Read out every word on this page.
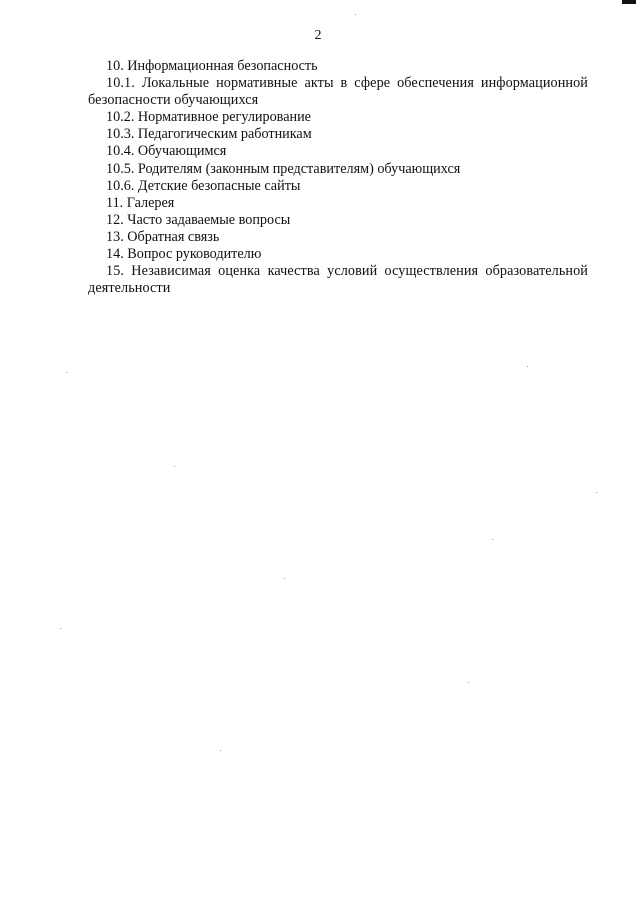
2

10. Информационная безопасность

10.1. Локальные нормативные акты в сфере обеспечения информационной безопасности обучающихся

10.2. Нормативное регулирование

10.3. Педагогическим работникам

10.4. Обучающимся

10.5. Родителям (законным представителям) обучающихся

10.6. Детские безопасные сайты

11. Галерея

12. Часто задаваемые вопросы

13. Обратная связь

14. Вопрос руководителю

15. Независимая оценка качества условий осуществления образовательной деятельности
